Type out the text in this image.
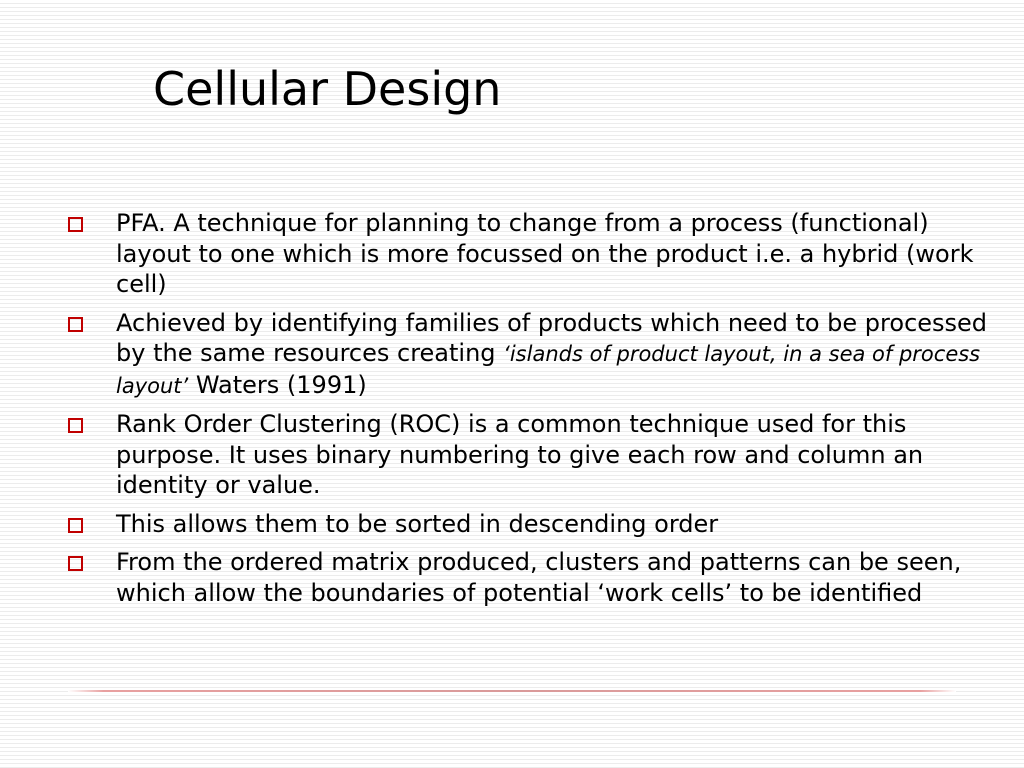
Cellular Design
PFA. A technique for planning to change from a process (functional) layout to one which is more focussed on the product i.e. a hybrid (work cell)
Achieved by identifying families of products which need to be processed by the same resources creating ‘islands of product layout, in a sea of process layout’ Waters (1991)
Rank Order Clustering (ROC) is a common technique used for this purpose. It uses binary numbering to give each row and column an identity or value.
This allows them to be sorted in descending order
From the ordered matrix produced, clusters and patterns can be seen, which allow the boundaries of potential ‘work cells’ to be identified
